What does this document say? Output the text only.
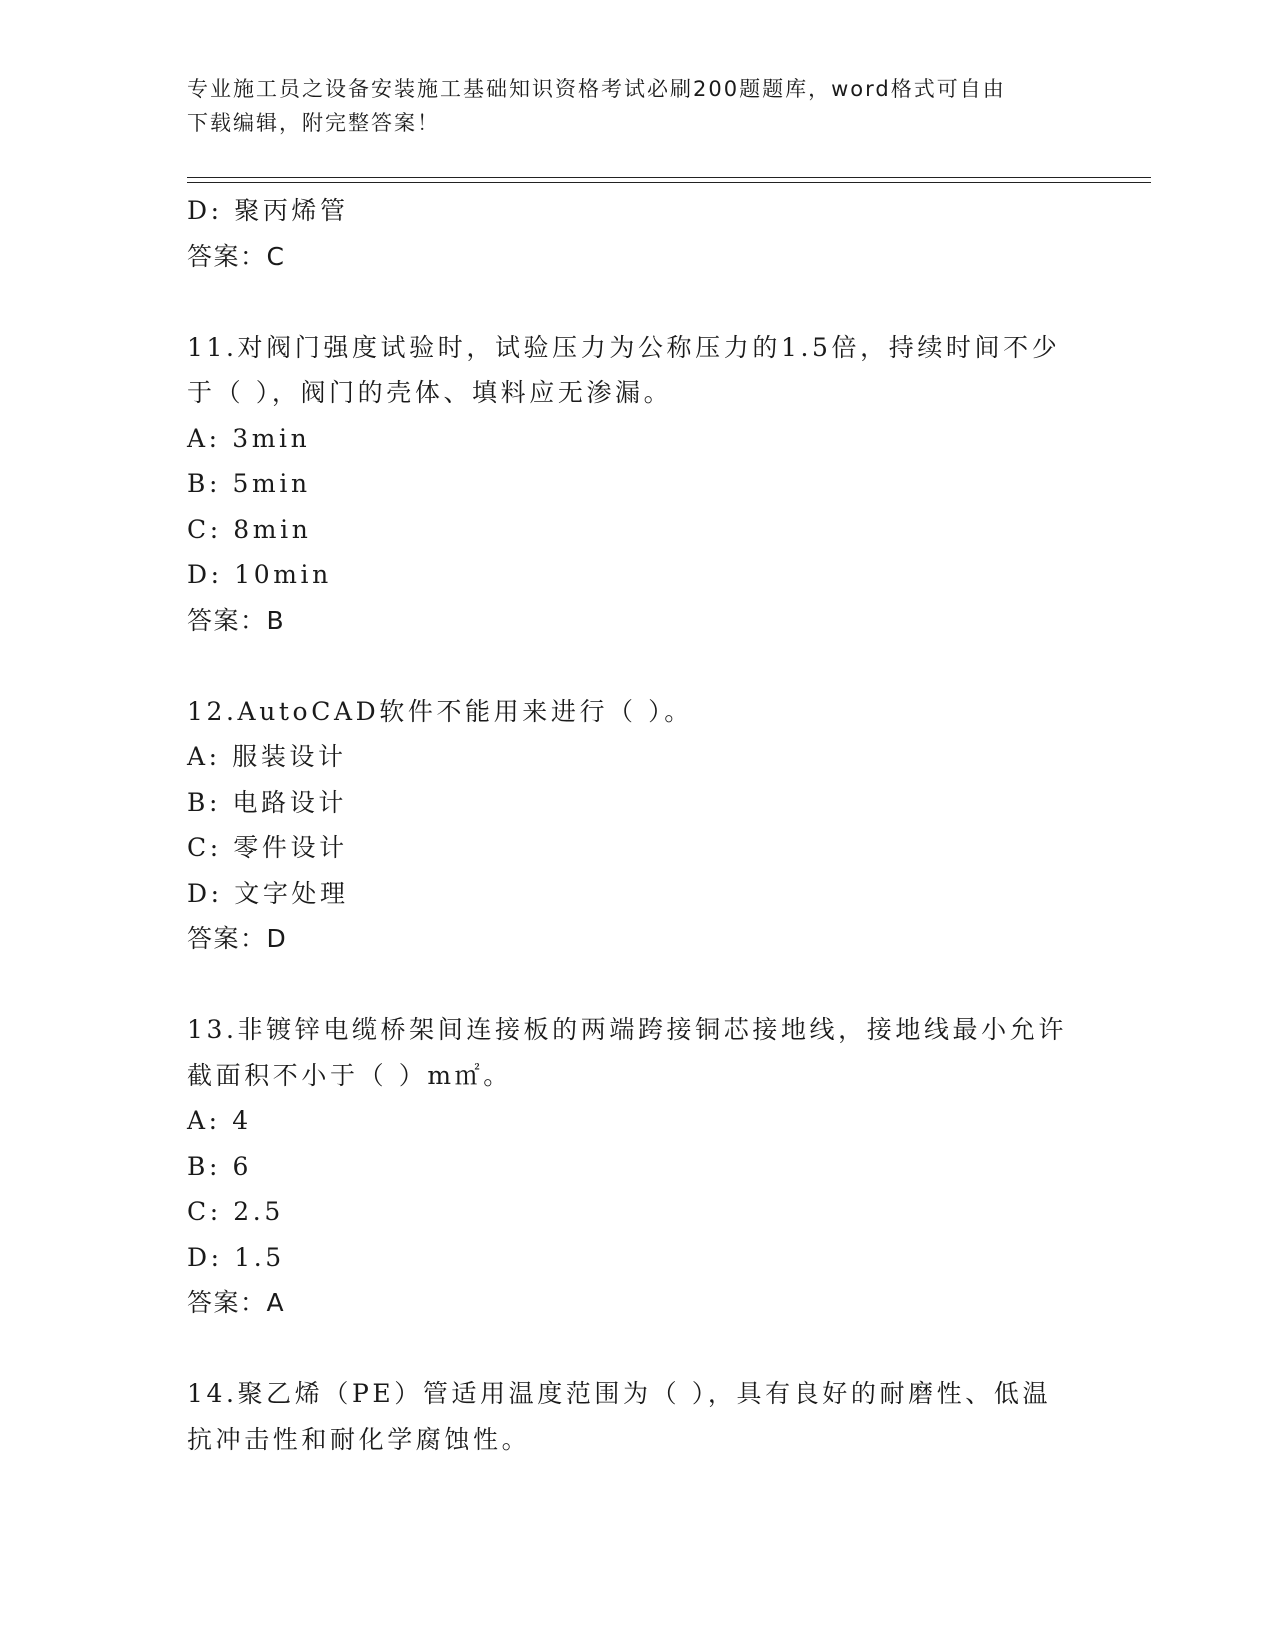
专业施工员之设备安装施工基础知识资格考试必刷200题题库，word格式可自由
下载编辑，附完整答案！
D: 聚丙烯管
答案：C
11.对阀门强度试验时，试验压力为公称压力的1.5倍，持续时间不少
于（ ），阀门的壳体、填料应无渗漏。
A: 3min
B: 5min
C: 8min
D: 10min
答案：B
12.AutoCAD软件不能用来进行（ ）。
A: 服装设计
B: 电路设计
C: 零件设计
D: 文字处理
答案：D
13.非镀锌电缆桥架间连接板的两端跨接铜芯接地线，接地线最小允许
截面积不小于（ ）m㎡。
A: 4
B: 6
C: 2.5
D: 1.5
答案：A
14.聚乙烯（PE）管适用温度范围为（ ），具有良好的耐磨性、低温
抗冲击性和耐化学腐蚀性。
